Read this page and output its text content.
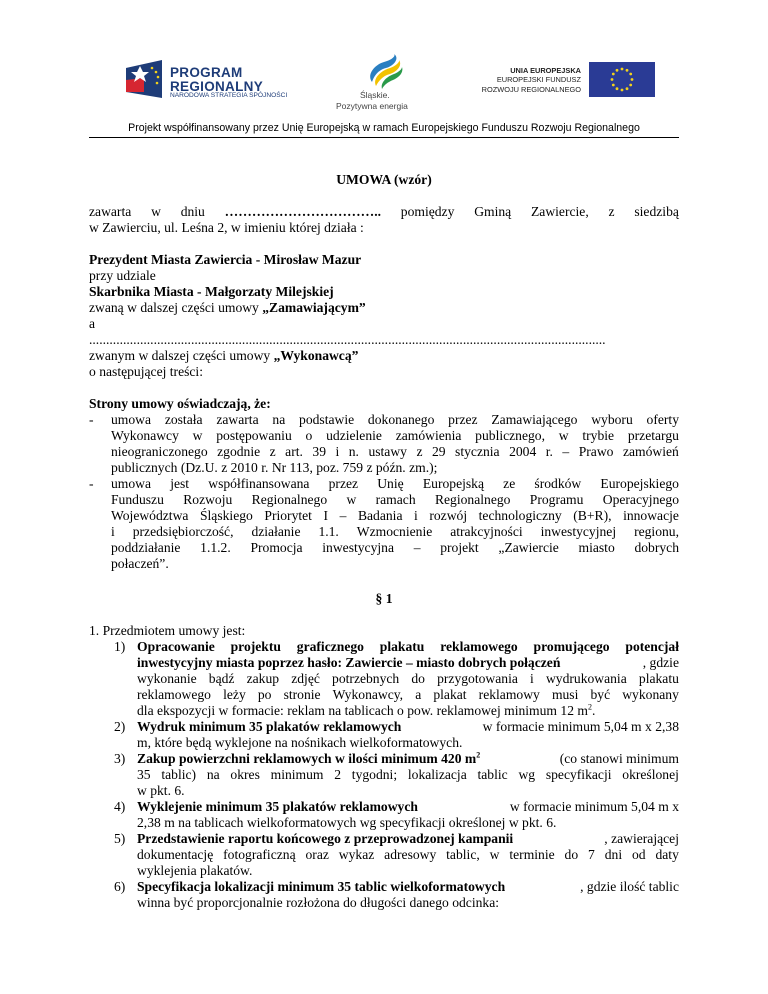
PROGRAM
REGIONALNY
NARODOWA STRATEGIA SPÓJNOŚCI	Śląskie.
Pozytywna energia
UNIA EUROPEJSKA
EUROPEJSKI FUNDUSZ
ROZWOJU REGIONALNEGO
Projekt współfinansowany przez Unię Europejską w ramach Europejskiego Funduszu Rozwoju Regionalnego
UMOWA (wzór)
zawarta w dniu …………………………….. pomiędzy Gminą Zawiercie, z siedzibą
w Zawierciu, ul. Leśna 2, w imieniu której działa :
Prezydent Miasta Zawiercia - Mirosław Mazur
przy udziale
Skarbnika Miasta - Małgorzaty Milejskiej
zwaną w dalszej części umowy „Zamawiającym”
a
........................................................................................................................................................
zwanym w dalszej części umowy „Wykonawcą”
o następującej treści:
Strony umowy oświadczają, że:
- umowa została zawarta na podstawie dokonanego przez Zamawiającego wyboru oferty
Wykonawcy w postępowaniu o udzielenie zamówienia publicznego, w trybie przetargu
nieograniczonego zgodnie z art. 39 i n. ustawy z 29 stycznia 2004 r. – Prawo zamówień
publicznych (Dz.U. z 2010 r. Nr 113, poz. 759 z późn. zm.);
- umowa jest współfinansowana przez Unię Europejską ze środków Europejskiego
Funduszu Rozwoju Regionalnego w ramach Regionalnego Programu Operacyjnego
Województwa Śląskiego Priorytet I – Badania i rozwój technologiczny (B+R), innowacje
i przedsiębiorczość, działanie 1.1. Wzmocnienie atrakcyjności inwestycyjnej regionu,
poddziałanie 1.1.2. Promocja inwestycyjna – projekt „Zawiercie miasto dobrych
połaczeń”.
§ 1
1. Przedmiotem umowy jest:
1) Opracowanie projektu graficznego plakatu reklamowego promującego potencjał
inwestycyjny miasta poprzez hasło: Zawiercie – miasto dobrych połączeń	, gdzie
wykonanie bądź zakup zdjęć potrzebnych do przygotowania i wydrukowania plakatu
reklamowego leży po stronie Wykonawcy, a plakat reklamowy musi być wykonany
dla ekspozycji w formacie: reklam na tablicach o pow. reklamowej minimum 12 $m^2$.
2) Wydruk minimum 35 plakatów reklamowych	w formacie minimum 5,04 m x 2,38
m, które będą wyklejone na nośnikach wielkoformatowych.
3) Zakup powierzchni reklamowych w ilości minimum 420 $m^2$	(co stanowi minimum
35 tablic) na okres minimum 2 tygodni; lokalizacja tablic wg specyfikacji określonej
w pkt. 6.
4) Wyklejenie minimum 35 plakatów reklamowych	w formacie minimum 5,04 m x
2,38 m na tablicach wielkoformatowych wg specyfikacji określonej w pkt. 6.
5) Przedstawienie raportu końcowego z przeprowadzonej kampanii	, zawierającej
dokumentację fotograficzną oraz wykaz adresowy tablic, w terminie do 7 dni od daty
wyklejenia plakatów.
6) Specyfikacja lokalizacji minimum 35 tablic wielkoformatowych	, gdzie ilość tablic
winna być proporcjonalnie rozłożona do długości danego odcinka:
